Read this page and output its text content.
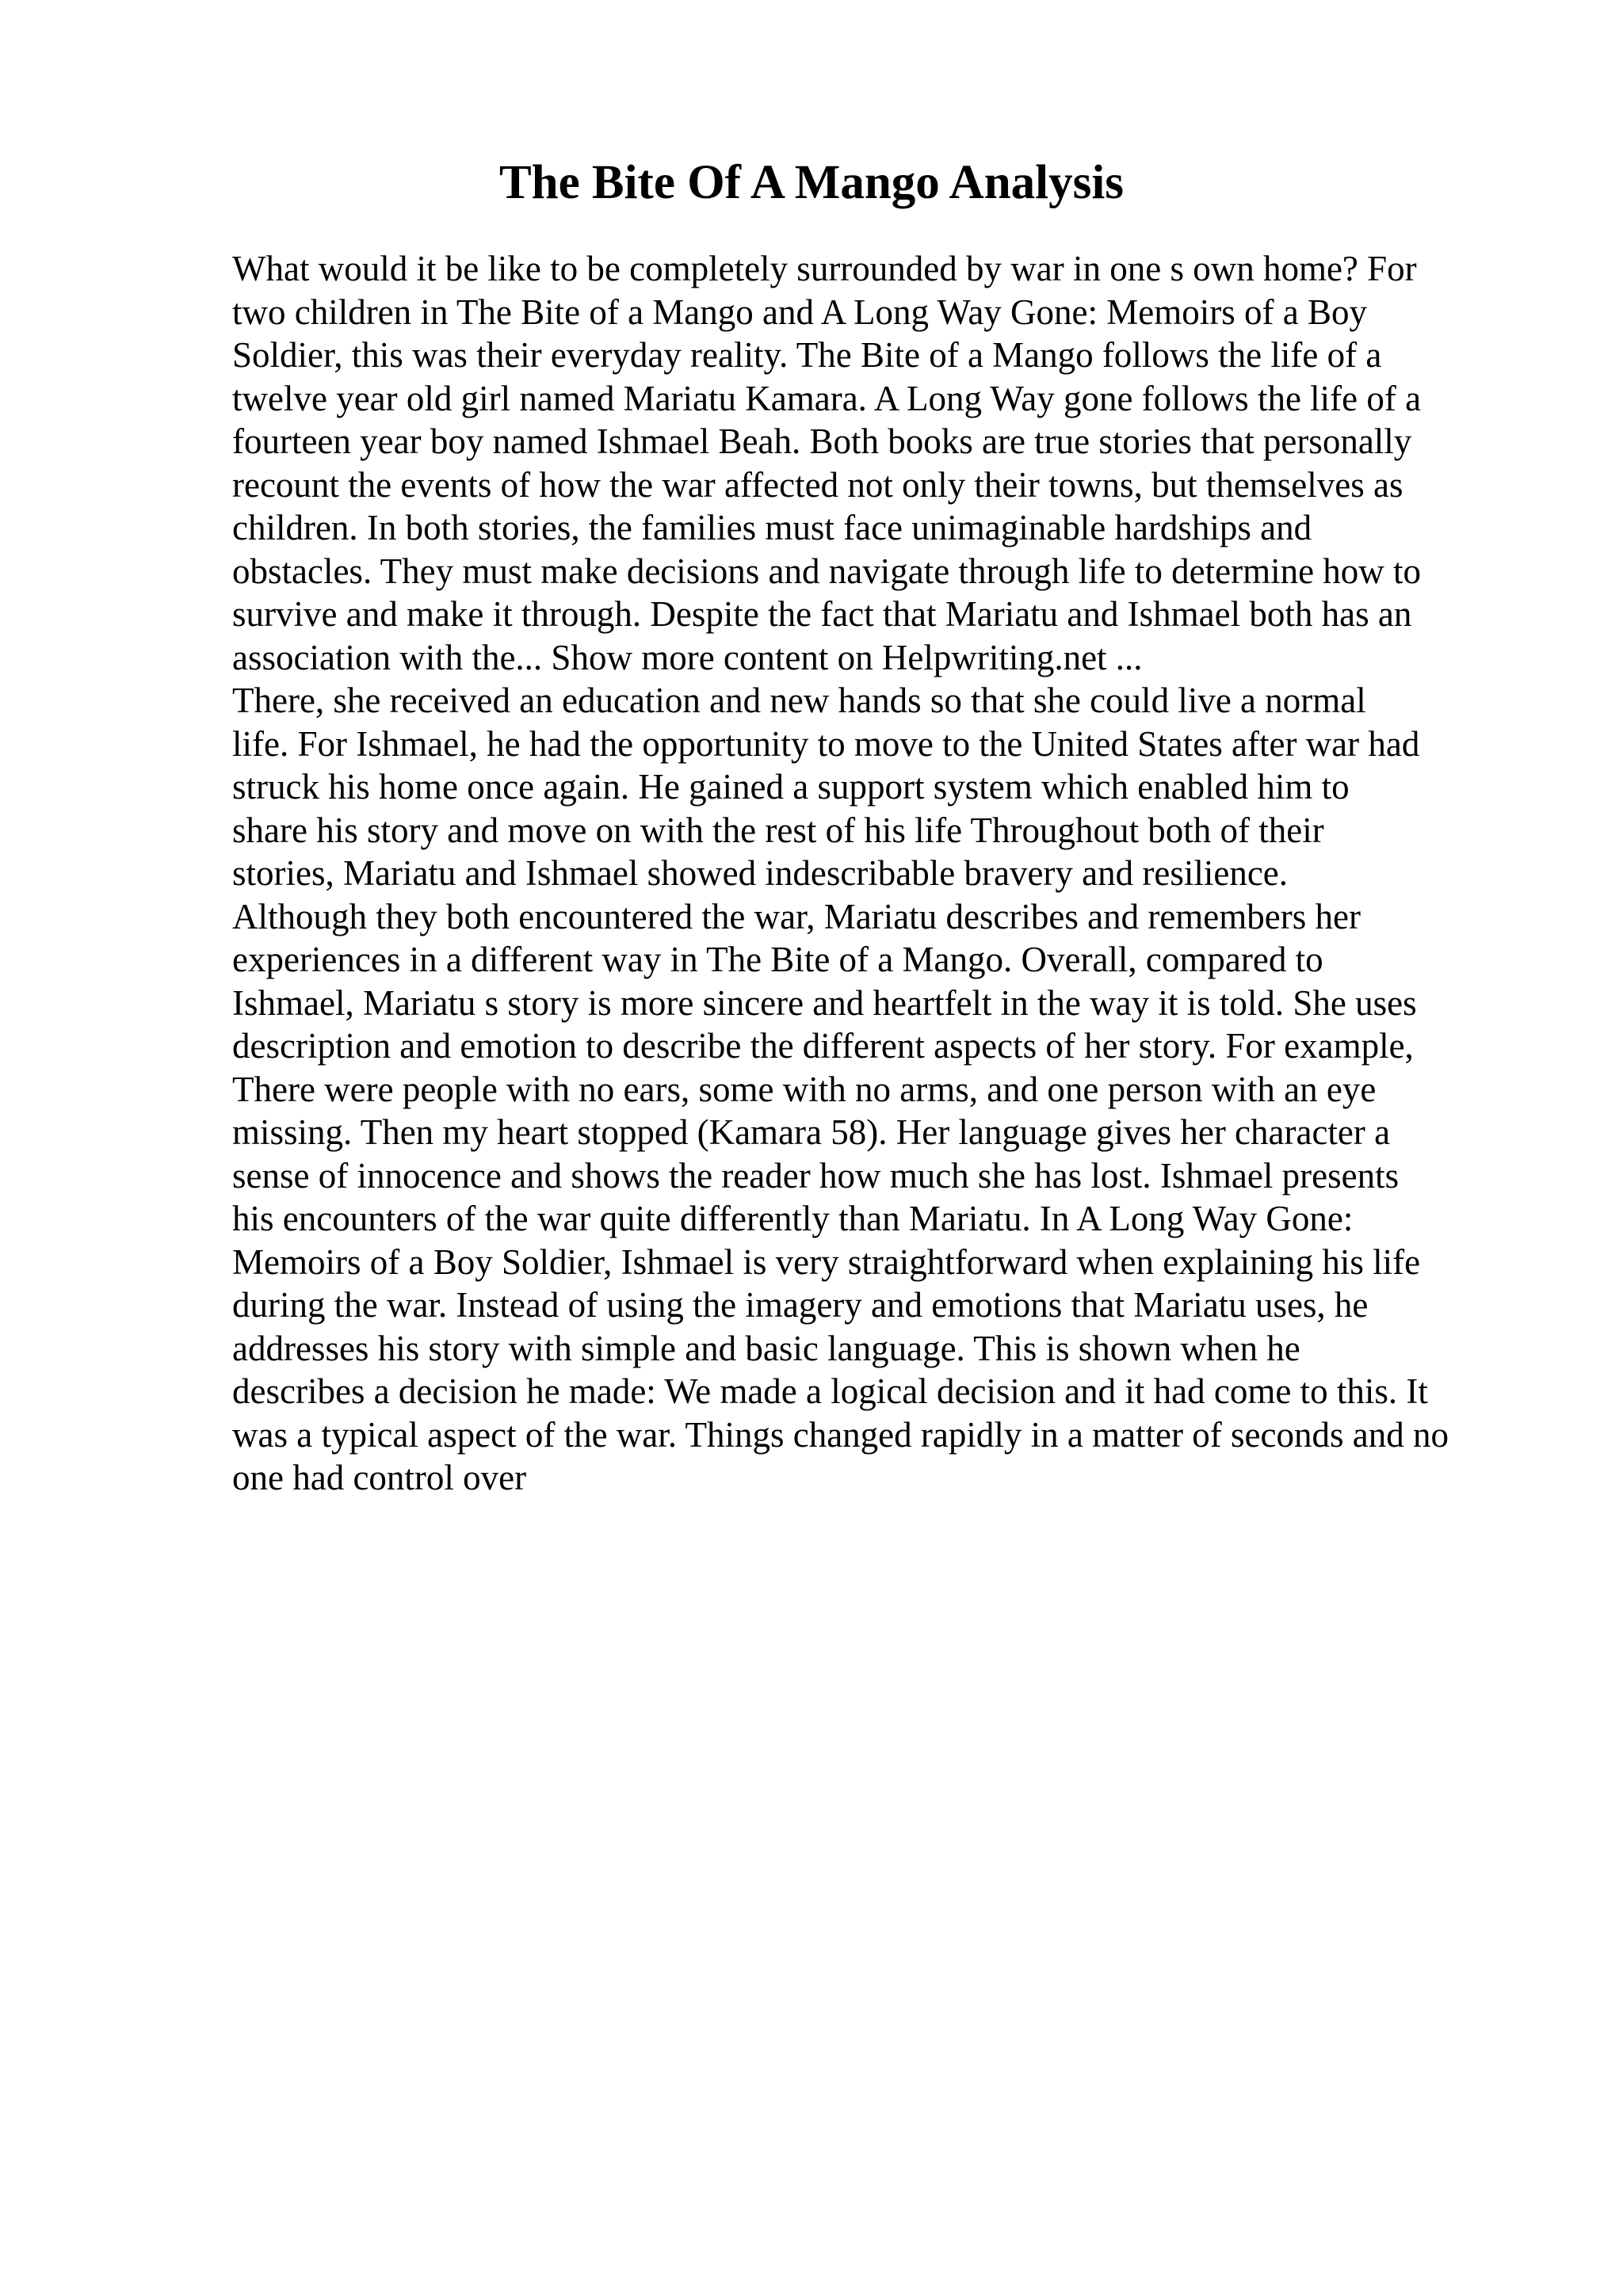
The Bite Of A Mango Analysis
What would it be like to be completely surrounded by war in one s own home? For
two children in The Bite of a Mango and A Long Way Gone: Memoirs of a Boy
Soldier, this was their everyday reality. The Bite of a Mango follows the life of a
twelve year old girl named Mariatu Kamara. A Long Way gone follows the life of a
fourteen year boy named Ishmael Beah. Both books are true stories that personally
recount the events of how the war affected not only their towns, but themselves as
children. In both stories, the families must face unimaginable hardships and
obstacles. They must make decisions and navigate through life to determine how to
survive and make it through. Despite the fact that Mariatu and Ishmael both has an
association with the... Show more content on Helpwriting.net ...
There, she received an education and new hands so that she could live a normal
life. For Ishmael, he had the opportunity to move to the United States after war had
struck his home once again. He gained a support system which enabled him to
share his story and move on with the rest of his life Throughout both of their
stories, Mariatu and Ishmael showed indescribable bravery and resilience.
Although they both encountered the war, Mariatu describes and remembers her
experiences in a different way in The Bite of a Mango. Overall, compared to
Ishmael, Mariatu s story is more sincere and heartfelt in the way it is told. She uses
description and emotion to describe the different aspects of her story. For example,
There were people with no ears, some with no arms, and one person with an eye
missing. Then my heart stopped (Kamara 58). Her language gives her character a
sense of innocence and shows the reader how much she has lost. Ishmael presents
his encounters of the war quite differently than Mariatu. In A Long Way Gone:
Memoirs of a Boy Soldier, Ishmael is very straightforward when explaining his life
during the war. Instead of using the imagery and emotions that Mariatu uses, he
addresses his story with simple and basic language. This is shown when he
describes a decision he made: We made a logical decision and it had come to this. It
was a typical aspect of the war. Things changed rapidly in a matter of seconds and no
one had control over
